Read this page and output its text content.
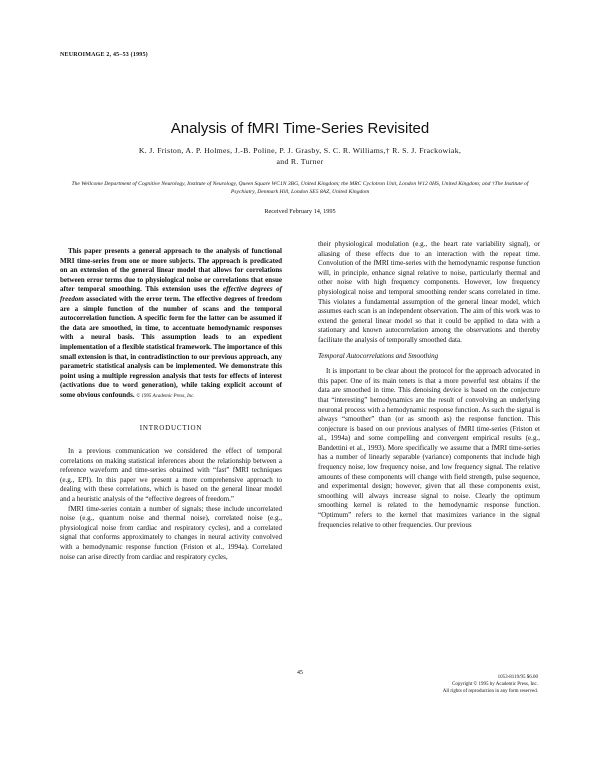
NEUROIMAGE 2, 45–53 (1995)
Analysis of fMRI Time-Series Revisited
K. J. Friston, A. P. Holmes, J.-B. Poline, P. J. Grasby, S. C. R. Williams,† R. S. J. Frackowiak,
and R. Turner
The Wellcome Department of Cognitive Neurology, Institute of Neurology, Queen Square WC1N 3BG, United Kingdom; the MRC Cyclotron Unit, London W12 0HS, United Kingdom; and †The Institute of Psychiatry, Denmark Hill, London SE5 8AZ, United Kingdom
Received February 14, 1995

This paper presents a general approach to the analysis of functional MRI time-series from one or more subjects. The approach is predicated on an extension of the general linear model that allows for correlations between error terms due to physiological noise or correlations that ensue after temporal smoothing. This extension uses the effective degrees of freedom associated with the error term. The effective degrees of freedom are a simple function of the number of scans and the temporal autocorrelation function. A specific form for the latter can be assumed if the data are smoothed, in time, to accentuate hemodynamic responses with a neural basis. This assumption leads to an expedient implementation of a flexible statistical framework. The importance of this small extension is that, in contradistinction to our previous approach, any parametric statistical analysis can be implemented. We demonstrate this point using a multiple regression analysis that tests for effects of interest (activations due to word generation), while taking explicit account of some obvious confounds. © 1995 Academic Press, Inc.

INTRODUCTION

In a previous communication we considered the effect of temporal correlations on making statistical inferences about the relationship between a reference waveform and time-series obtained with “fast” fMRI techniques (e.g., EPI). In this paper we present a more comprehensive approach to dealing with these correlations, which is based on the general linear model and a heuristic analysis of the “effective degrees of freedom.”

fMRI time-series contain a number of signals; these include uncorrelated noise (e.g., quantum noise and thermal noise), correlated noise (e.g., physiological noise from cardiac and respiratory cycles), and a correlated signal that conforms approximately to changes in neural activity convolved with a hemodynamic response function (Friston et al., 1994a). Correlated noise can arise directly from cardiac and respiratory cycles,

their physiological modulation (e.g., the heart rate variability signal), or aliasing of these effects due to an interaction with the repeat time. Convolution of the fMRI time-series with the hemodynamic response function will, in principle, enhance signal relative to noise, particularly thermal and other noise with high frequency components. However, low frequency physiological noise and temporal smoothing render scans correlated in time. This violates a fundamental assumption of the general linear model, which assumes each scan is an independent observation. The aim of this work was to extend the general linear model so that it could be applied to data with a stationary and known autocorrelation among the observations and thereby facilitate the analysis of temporally smoothed data.

Temporal Autocorrelations and Smoothing

It is important to be clear about the protocol for the approach advocated in this paper. One of its main tenets is that a more powerful test obtains if the data are smoothed in time. This denoising device is based on the conjecture that “interesting” hemodynamics are the result of convolving an underlying neuronal process with a hemodynamic response function. As such the signal is always “smoother” than (or as smooth as) the response function. This conjecture is based on our previous analyses of fMRI time-series (Friston et al., 1994a) and some compelling and convergent empirical results (e.g., Bandettini et al., 1993). More specifically we assume that a fMRI time-series has a number of linearly separable (variance) components that include high frequency noise, low frequency noise, and low frequency signal. The relative amounts of these components will change with field strength, pulse sequence, and experimental design; however, given that all these components exist, smoothing will always increase signal to noise. Clearly the optimum smoothing kernel is related to the hemodynamic response function. “Optimum” refers to the kernel that maximizes variance in the signal frequencies relative to other frequencies. Our previous

45
1053-8119/95 $6.00
Copyright © 1995 by Academic Press, Inc.
All rights of reproduction in any form reserved.
